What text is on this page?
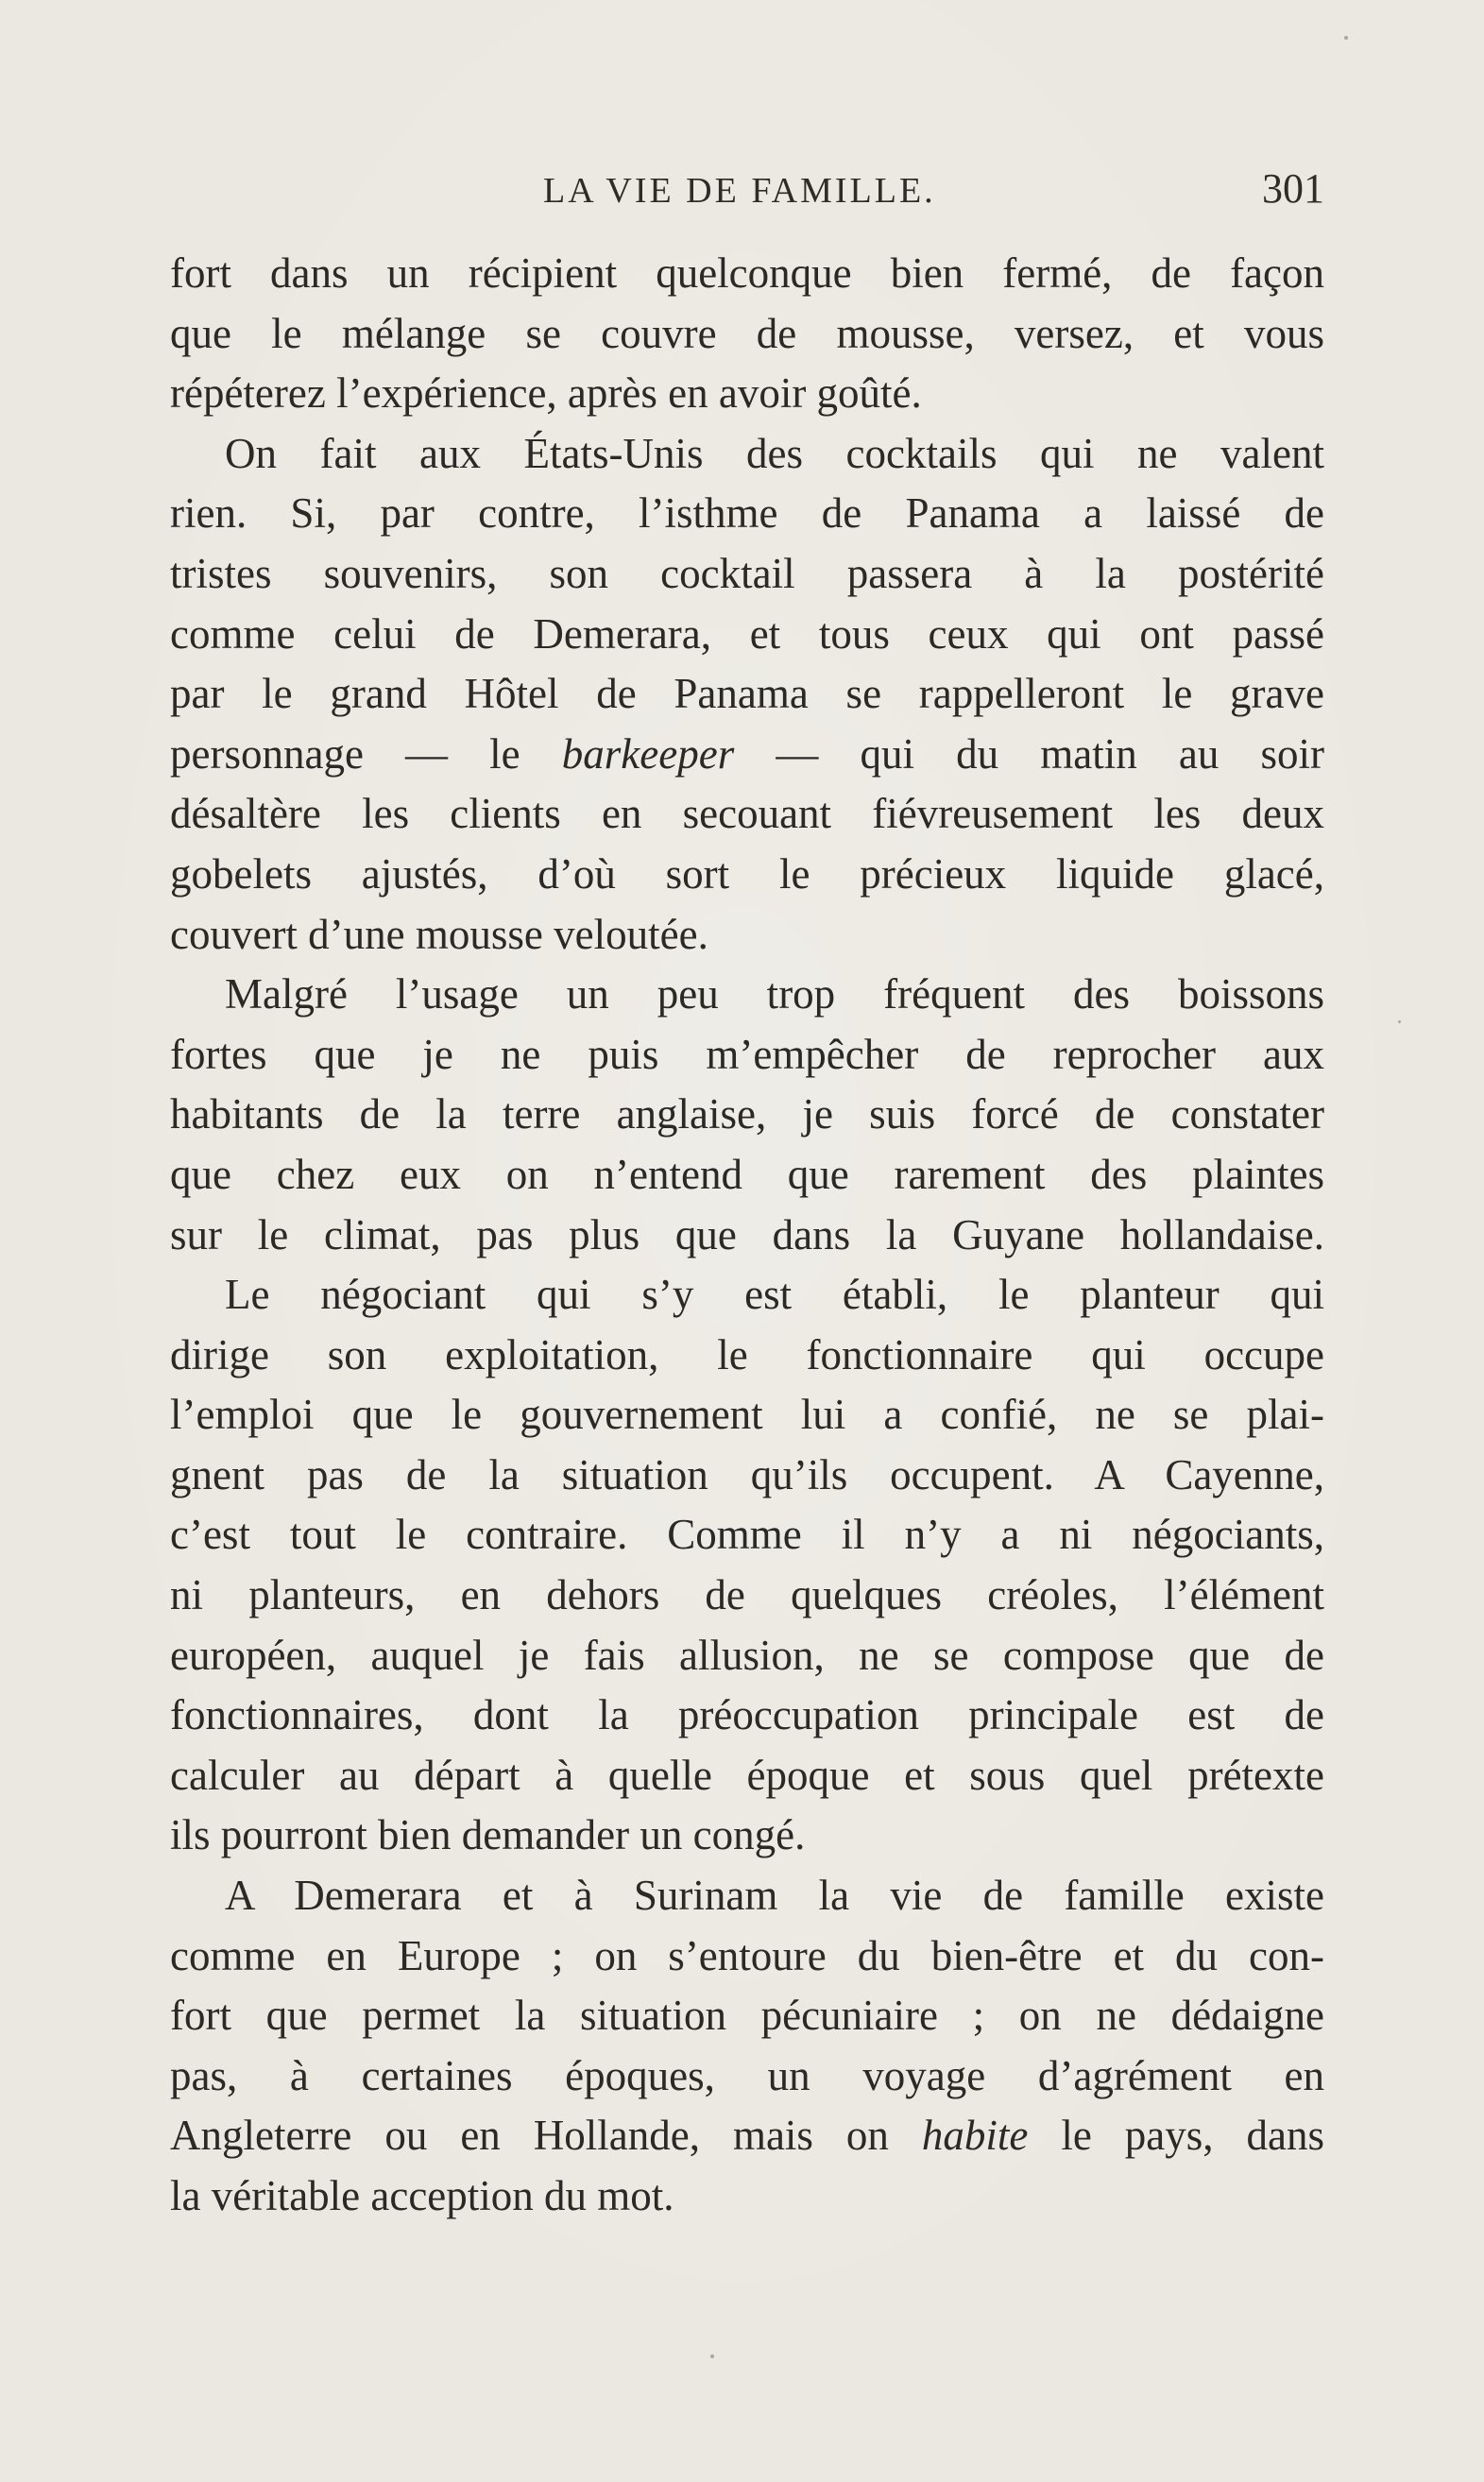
LA VIE DE FAMILLE.	301
fort dans un récipient quelconque bien fermé, de façon
que le mélange se couvre de mousse, versez, et vous
répéterez l’expérience, après en avoir goûté.
On fait aux États-Unis des cocktails qui ne valent
rien. Si, par contre, l’isthme de Panama a laissé de
tristes souvenirs, son cocktail passera à la postérité
comme celui de Demerara, et tous ceux qui ont passé
par le grand Hôtel de Panama se rappelleront le grave
personnage — le barkeeper — qui du matin au soir
désaltère les clients en secouant fiévreusement les deux
gobelets ajustés, d’où sort le précieux liquide glacé,
couvert d’une mousse veloutée.
Malgré l’usage un peu trop fréquent des boissons
fortes que je ne puis m’empêcher de reprocher aux
habitants de la terre anglaise, je suis forcé de constater
que chez eux on n’entend que rarement des plaintes
sur le climat, pas plus que dans la Guyane hollandaise.
Le négociant qui s’y est établi, le planteur qui
dirige son exploitation, le fonctionnaire qui occupe
l’emploi que le gouvernement lui a confié, ne se plai-
gnent pas de la situation qu’ils occupent. A Cayenne,
c’est tout le contraire. Comme il n’y a ni négociants,
ni planteurs, en dehors de quelques créoles, l’élément
européen, auquel je fais allusion, ne se compose que de
fonctionnaires, dont la préoccupation principale est de
calculer au départ à quelle époque et sous quel prétexte
ils pourront bien demander un congé.
A Demerara et à Surinam la vie de famille existe
comme en Europe ; on s’entoure du bien-être et du con-
fort que permet la situation pécuniaire ; on ne dédaigne
pas, à certaines époques, un voyage d’agrément en
Angleterre ou en Hollande, mais on habite le pays, dans
la véritable acception du mot.
